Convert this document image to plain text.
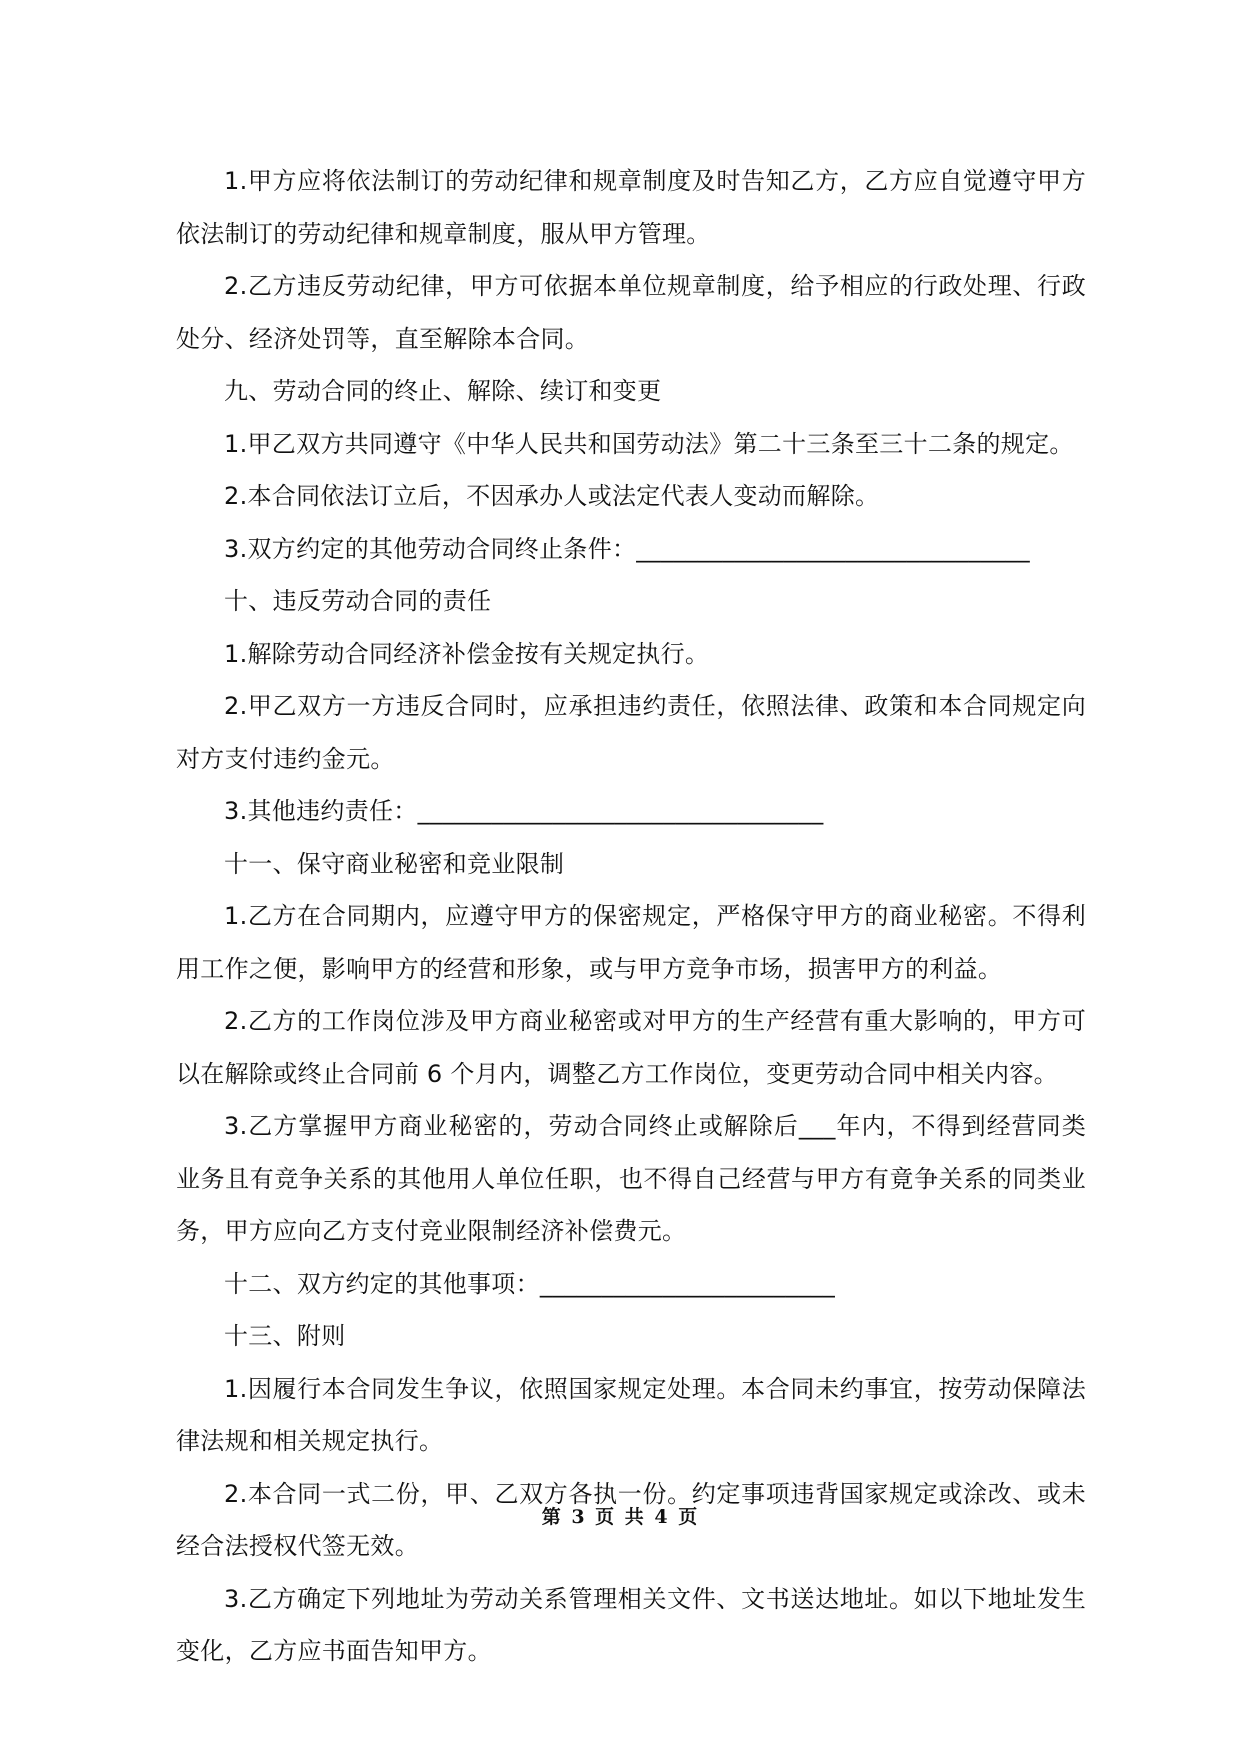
1.甲方应将依法制订的劳动纪律和规章制度及时告知乙方，乙方应自觉遵守甲方依法制订的劳动纪律和规章制度，服从甲方管理。

2.乙方违反劳动纪律，甲方可依据本单位规章制度，给予相应的行政处理、行政处分、经济处罚等，直至解除本合同。

九、劳动合同的终止、解除、续订和变更

1.甲乙双方共同遵守《中华人民共和国劳动法》第二十三条至三十二条的规定。

2.本合同依法订立后，不因承办人或法定代表人变动而解除。

3.双方约定的其他劳动合同终止条件：________________________________

十、违反劳动合同的责任

1.解除劳动合同经济补偿金按有关规定执行。

2.甲乙双方一方违反合同时，应承担违约责任，依照法律、政策和本合同规定向对方支付违约金元。

3.其他违约责任：_________________________________

十一、保守商业秘密和竞业限制

1.乙方在合同期内，应遵守甲方的保密规定，严格保守甲方的商业秘密。不得利用工作之便，影响甲方的经营和形象，或与甲方竞争市场，损害甲方的利益。

2.乙方的工作岗位涉及甲方商业秘密或对甲方的生产经营有重大影响的，甲方可以在解除或终止合同前 6 个月内，调整乙方工作岗位，变更劳动合同中相关内容。

3.乙方掌握甲方商业秘密的，劳动合同终止或解除后___年内，不得到经营同类业务且有竞争关系的其他用人单位任职，也不得自己经营与甲方有竟争关系的同类业务，甲方应向乙方支付竞业限制经济补偿费元。

十二、双方约定的其他事项：________________________

十三、附则

1.因履行本合同发生争议，依照国家规定处理。本合同未约事宜，按劳动保障法律法规和相关规定执行。

2.本合同一式二份，甲、乙双方各执一份。约定事项违背国家规定或涂改、或未经合法授权代签无效。

3.乙方确定下列地址为劳动关系管理相关文件、文书送达地址。如以下地址发生变化，乙方应书面告知甲方。

第 3 页 共 4 页
